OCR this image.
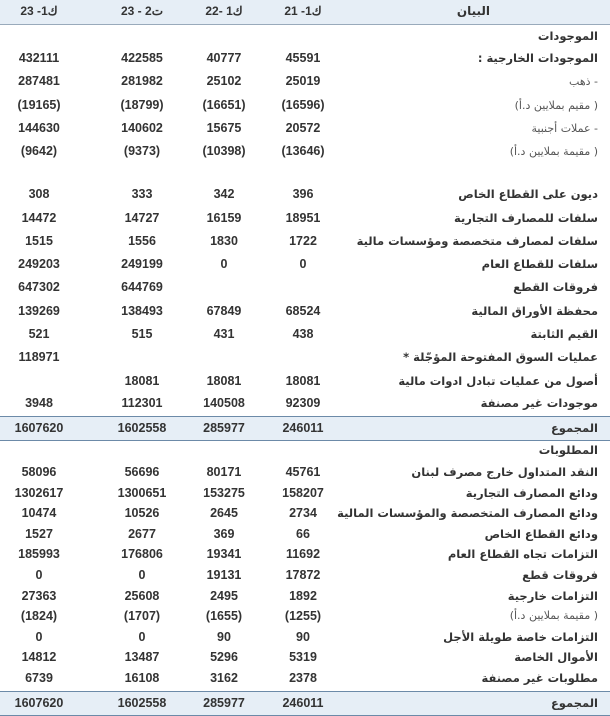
البيان
ك1- 21
ك1 -22
ت2 - 23
ك1- 23
الموجودات
الموجودات الخارجية :
45591
40777
422585
432111
- ذهب
25019
25102
281982
287481
( مقيم بملايين د.أ)
(16596)
(16651)
(18799)
(19165)
- عملات أجنبية
20572
15675
140602
144630
( مقيمة بملايين د.أ)
(13646)
(10398)
(9373)
(9642)
ديون على القطاع الخاص
396
342
333
308
سلفات للمصارف التجارية
18951
16159
14727
14472
سلفات لمصارف متخصصة ومؤسسات مالية
1722
1830
1556
1515
سلفات للقطاع العام
0
0
249199
249203
فروقات القطع
644769
647302
محفظة الأوراق المالية
68524
67849
138493
139269
القيم الثابتة
438
431
515
521
عمليات السوق المفتوحة المؤجّلة *
118971
أصول من عمليات تبادل ادوات مالية
18081
18081
18081
موجودات غير مصنفة
92309
140508
112301
3948
المجموع
246011
285977
1602558
1607620
المطلوبات
النقد المتداول خارج مصرف لبنان
45761
80171
56696
58096
ودائع المصارف التجارية
158207
153275
1300651
1302617
ودائع المصارف المتخصصة والمؤسسات المالية
2734
2645
10526
10474
ودائع القطاع الخاص
66
369
2677
1527
التزامات تجاه القطاع العام
11692
19341
176806
185993
فروقات قطع
17872
19131
0
0
التزامات خارجية
1892
2495
25608
27363
( مقيمة بملايين د.أ)
(1255)
(1655)
(1707)
(1824)
التزامات خاصة طويلة الأجل
90
90
0
0
الأموال الخاصة
5319
5296
13487
14812
مطلوبات غير مصنفة
2378
3162
16108
6739
المجموع
246011
285977
1602558
1607620
